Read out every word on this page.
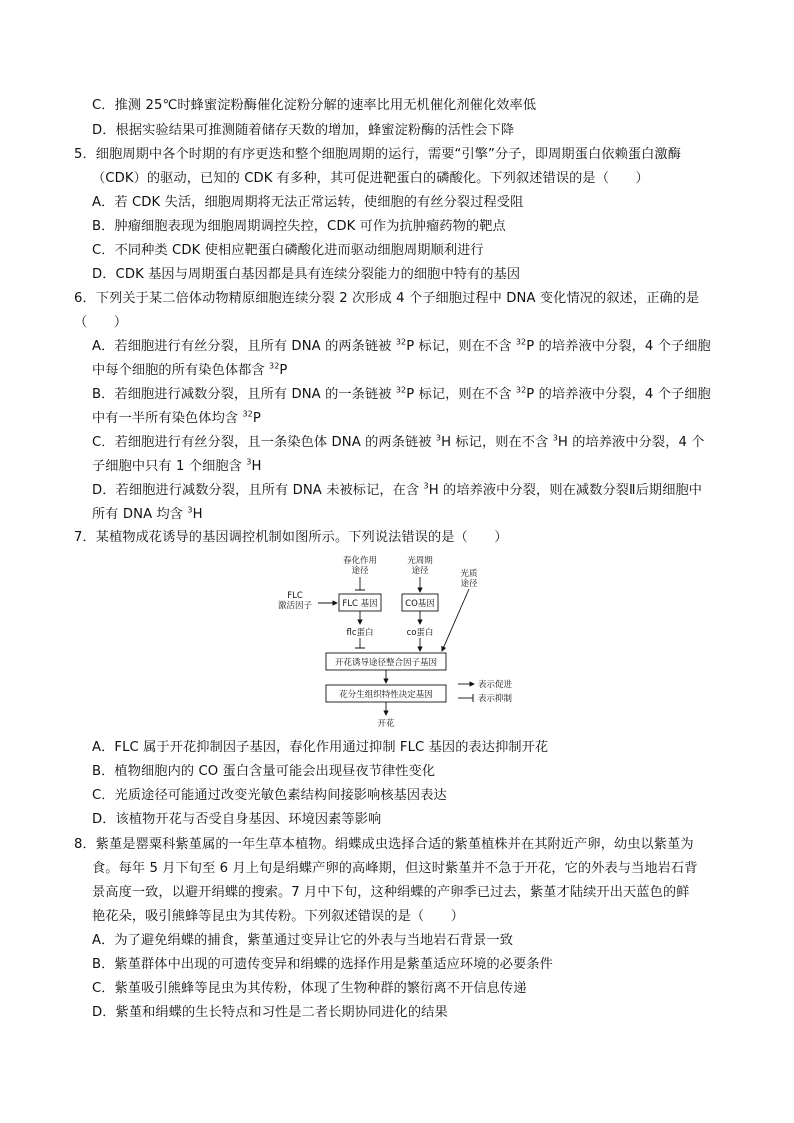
C．推测 25℃时蜂蜜淀粉酶催化淀粉分解的速率比用无机催化剂催化效率低
D．根据实验结果可推测随着储存天数的增加，蜂蜜淀粉酶的活性会下降
5．细胞周期中各个时期的有序更迭和整个细胞周期的运行，需要“引擎”分子，即周期蛋白依赖蛋白激酶
（CDK）的驱动，已知的 CDK 有多种，其可促进靶蛋白的磷酸化。下列叙述错误的是（　　）
A．若 CDK 失活，细胞周期将无法正常运转，使细胞的有丝分裂过程受阻
B．肿瘤细胞表现为细胞周期调控失控，CDK 可作为抗肿瘤药物的靶点
C．不同种类 CDK 使相应靶蛋白磷酸化进而驱动细胞周期顺利进行
D．CDK 基因与周期蛋白基因都是具有连续分裂能力的细胞中特有的基因
6．下列关于某二倍体动物精原细胞连续分裂 2 次形成 4 个子细胞过程中 DNA 变化情况的叙述，正确的是
（　　）
A．若细胞进行有丝分裂，且所有 DNA 的两条链被 $^{32}$P 标记，则在不含 $^{32}$P 的培养液中分裂，4 个子细胞
中每个细胞的所有染色体都含 $^{32}$P
B．若细胞进行减数分裂，且所有 DNA 的一条链被 $^{32}$P 标记，则在不含 $^{32}$P 的培养液中分裂，4 个子细胞
中有一半所有染色体均含 $^{32}$P
C．若细胞进行有丝分裂，且一条染色体 DNA 的两条链被 $^3$H 标记，则在不含 $^3$H 的培养液中分裂，4 个
子细胞中只有 1 个细胞含 $^3$H
D．若细胞进行减数分裂，且所有 DNA 未被标记，在含 $^3$H 的培养液中分裂，则在减数分裂Ⅱ后期细胞中
所有 DNA 均含 $^3$H
7．某植物成花诱导的基因调控机制如图所示。下列说法错误的是（　　）
春化作用
途径
光周期
途径	光质
途径
FLC
激活因子	FLC 基因	CO基因
flc蛋白	co蛋白
开花诱导途径整合因子基因
花分生组织特性决定基因
开花
表示促进
表示抑制
A．FLC 属于开花抑制因子基因，春化作用通过抑制 FLC 基因的表达抑制开花
B．植物细胞内的 CO 蛋白含量可能会出现昼夜节律性变化
C．光质途径可能通过改变光敏色素结构间接影响核基因表达
D．该植物开花与否受自身基因、环境因素等影响
8．紫堇是罂粟科紫堇属的一年生草本植物。绢蝶成虫选择合适的紫堇植株并在其附近产卵，幼虫以紫堇为
食。每年 5 月下旬至 6 月上旬是绢蝶产卵的高峰期，但这时紫堇并不急于开花，它的外表与当地岩石背
景高度一致，以避开绢蝶的搜索。7 月中下旬，这种绢蝶的产卵季已过去，紫堇才陆续开出天蓝色的鲜
艳花朵，吸引熊蜂等昆虫为其传粉。下列叙述错误的是（　　）
A．为了避免绢蝶的捕食，紫堇通过变异让它的外表与当地岩石背景一致
B．紫堇群体中出现的可遗传变异和绢蝶的选择作用是紫堇适应环境的必要条件
C．紫堇吸引熊蜂等昆虫为其传粉，体现了生物种群的繁衍离不开信息传递
D．紫堇和绢蝶的生长特点和习性是二者长期协同进化的结果
